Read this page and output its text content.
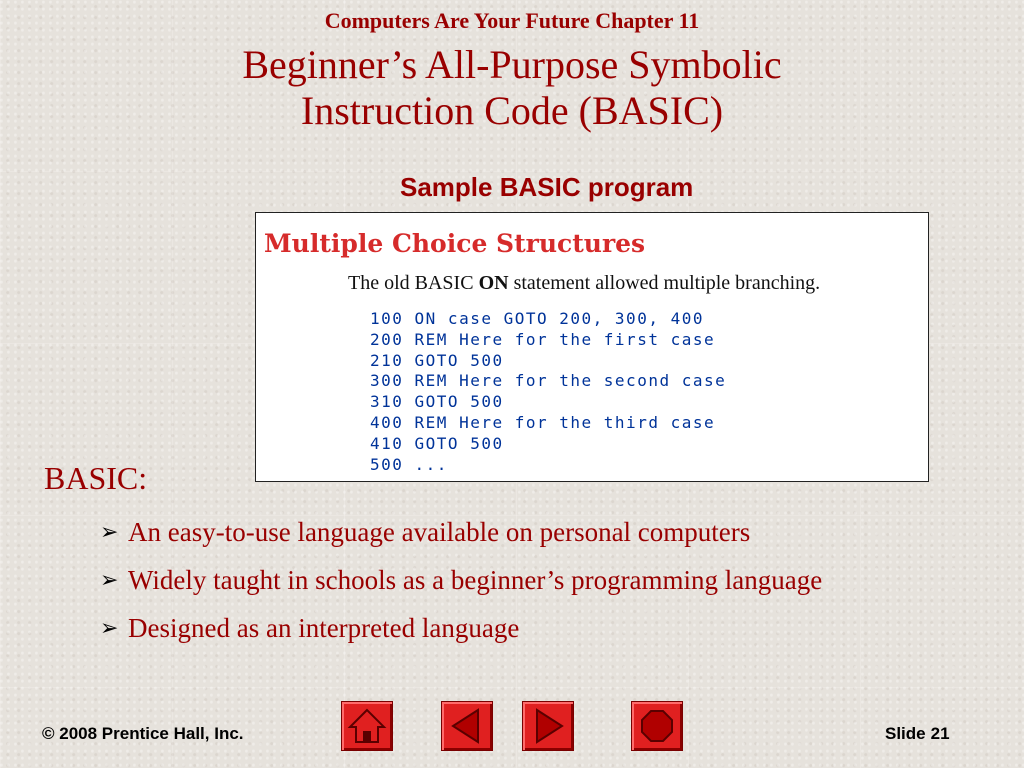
Computers Are Your Future Chapter 11
Beginner’s All-Purpose Symbolic
Instruction Code (BASIC)
Sample BASIC program
Multiple Choice Structures
The old BASIC ON statement allowed multiple branching.
100 ON case GOTO 200, 300, 400
200 REM Here for the first case
210 GOTO 500
300 REM Here for the second case
310 GOTO 500
400 REM Here for the third case
410 GOTO 500
500 ...
BASIC:
➢ An easy-to-use language available on personal computers
➢ Widely taught in schools as a beginner’s programming language
➢ Designed as an interpreted language
© 2008 Prentice Hall, Inc.	Slide 21
